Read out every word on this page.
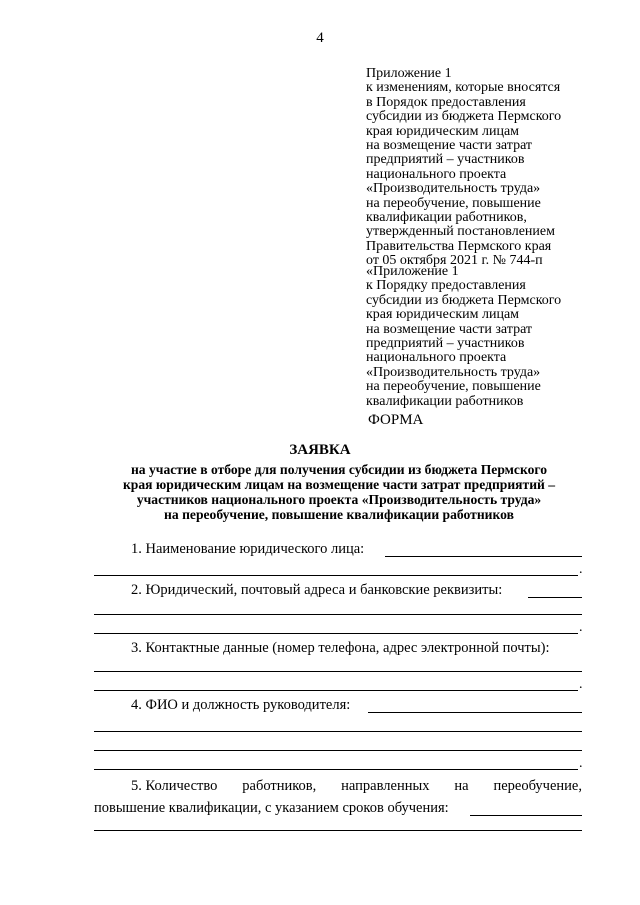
4
Приложение 1
к изменениям, которые вносятся
в Порядок предоставления
субсидии из бюджета Пермского
края юридическим лицам
на возмещение части затрат
предприятий – участников
национального проекта
«Производительность труда»
на переобучение, повышение
квалификации работников,
утвержденный постановлением
Правительства Пермского края
от 05 октября 2021 г. № 744-п
«Приложение 1
к Порядку предоставления
субсидии из бюджета Пермского
края юридическим лицам
на возмещение части затрат
предприятий – участников
национального проекта
«Производительность труда»
на переобучение, повышение
квалификации работников
ФОРМА
ЗАЯВКА
на участие в отборе для получения субсидии из бюджета Пермского
края юридическим лицам на возмещение части затрат предприятий –
участников национального проекта «Производительность труда»
на переобучение, повышение квалификации работников
1. Наименование юридического лица:
.
2. Юридический, почтовый адреса и банковские реквизиты:
.
3. Контактные данные (номер телефона, адрес электронной почты):
.
4. ФИО и должность руководителя:
.
5. Количество работников, направленных на переобучение,
повышение квалификации, с указанием сроков обучения:
